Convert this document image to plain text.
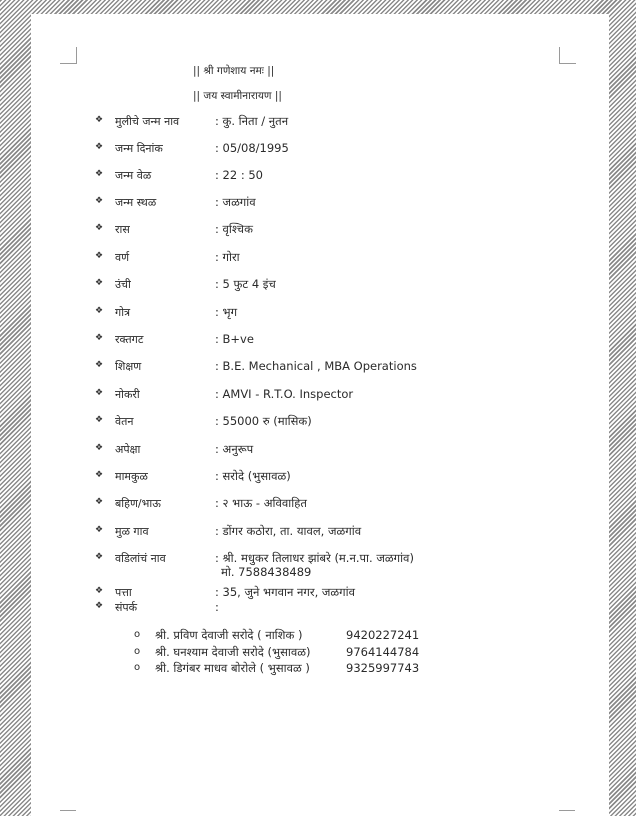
|| श्री गणेशाय नमः ||
|| जय स्वामीनारायण ||
❖ मुलीचे जन्म नाव	: कु. निता / नुतन
❖ जन्म दिनांक	: 05/08/1995
❖ जन्म वेळ	: 22 : 50
❖ जन्म स्थळ	: जळगांव
❖ रास	: वृश्चिक
❖ वर्ण	: गोरा
❖ उंची	: 5 फुट 4 इंच
❖ गोत्र	: भृग
❖ रक्तगट	: B+ve
❖ शिक्षण	: B.E. Mechanical , MBA Operations
❖ नोकरी	: AMVI - R.T.O. Inspector
❖ वेतन	: 55000 रु (मासिक)
❖ अपेक्षा	: अनुरूप
❖ मामकुळ	: सरोदे (भुसावळ)
❖ बहिण/भाऊ	: २ भाऊ - अविवाहित
❖ मुळ गाव	: डोंगर कठोरा, ता. यावल, जळगांव
❖ वडिलांचं नाव	: श्री. मधुकर तिलाधर झांबरे (म.न.पा. जळगांव)
मो. 7588438489
❖ पत्ता	: 35, जुने भगवान नगर, जळगांव
❖ संपर्क	:
o श्री. प्रविण देवाजी सरोदे ( नाशिक )	9420227241
o श्री. घनश्याम देवाजी सरोदे (भुसावळ)	9764144784
o श्री. डिगंबर माधव बोरोले ( भुसावळ )	9325997743
